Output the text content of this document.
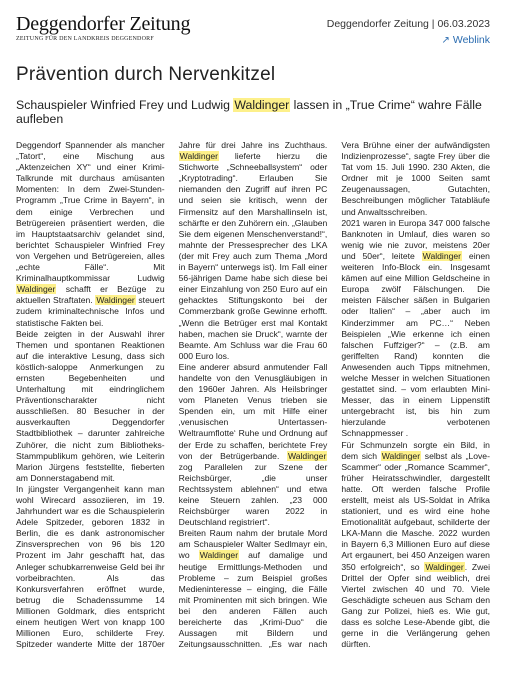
Deggendorfer Zeitung
ZEITUNG FÜR DEN LANDKREIS DEGGENDORF
Deggendorfer Zeitung | 06.03.2023
↗ Weblink
Prävention durch Nervenkitzel
Schauspieler Winfried Frey und Ludwig Waldinger lassen in „True Crime“ wahre Fälle aufleben

Deggendorf Spannender als mancher „Tatort“, eine Mischung aus „Aktenzeichen XY“ und einer Krimi-Talkrunde mit durchaus amüsanten Momenten: In dem Zwei-Stunden-Programm „True Crime in Bayern“, in dem einige Verbrechen und Betrügereien präsentiert werden, die im Hauptstaatsarchiv gelandet sind, berichtet Schauspieler Winfried Frey von Vergehen und Betrügereien, alles „echte Fälle“. Mit Kriminalhauptkommissar Ludwig Waldinger schafft er Bezüge zu aktuellen Straftaten. Waldinger steuert zudem kriminaltechnische Infos und statistische Fakten bei.

Beide zeigten in der Auswahl ihrer Themen und spontanen Reaktionen auf die interaktive Lesung, dass sich köstlich-saloppe Anmerkungen zu ernsten Begebenheiten und Unterhaltung mit eindringlichem Präventionscharakter nicht ausschließen. 80 Besucher in der ausverkauften Deggendorfer Stadtbibliothek – darunter zahlreiche Zuhörer, die nicht zum Bibliotheks-Stammpublikum gehören, wie Leiterin Marion Jürgens feststellte, fieberten am Donnerstagabend mit.

In jüngster Vergangenheit kann man wohl Wirecard assoziieren, im 19. Jahrhundert war es die Schauspielerin Adele Spitzeder, geboren 1832 in Berlin, die es dank astronomischer Zinsversprechen von 96 bis 120 Prozent im Jahr geschafft hat, das Anleger schubkarrenweise Geld bei ihr vorbeibrachten. Als das Konkursverfahren eröffnet wurde, betrug die Schadenssumme 14 Millionen Goldmark, dies entspricht einem heutigen Wert von knapp 100 Millionen Euro, schilderte Frey. Spitzeder wanderte Mitte der 1870er Jahre für drei Jahre ins Zuchthaus. Waldinger lieferte hierzu die Stichworte „Schneeballsystem“ oder „Kryptotrading“. Erlauben Sie niemanden den Zugriff auf ihren PC und seien sie kritisch, wenn der Firmensitz auf den Marshallinseln ist, schärfte er den Zuhörern ein. „Glauben Sie dem eigenen Menschenverstand!“, mahnte der Pressesprecher des LKA (der mit Frey auch zum Thema „Mord in Bayern“ unterwegs ist). Im Fall einer 56-jährigen Dame habe sich diese bei einer Einzahlung von 250 Euro auf ein gehacktes Stiftungskonto bei der Commerzbank große Gewinne erhofft. „Wenn die Betrüger erst mal Kontakt haben, machen sie Druck“, warnte der Beamte. Am Schluss war die Frau 60 000 Euro los.

Eine anderer absurd anmutender Fall handelte von den Venusgläubigen in den 1960er Jahren. Als Heilsbringer vom Planeten Venus trieben sie Spenden ein, um mit Hilfe einer ‚venusischen Untertassen-Weltraumflotte‘ Ruhe und Ordnung auf der Erde zu schaffen, berichtete Frey von der Betrügerbande. Waldinger zog Parallelen zur Szene der Reichsbürger, „die unser Rechtssystem ablehnen“ und etwa keine Steuern zahlen. „23 000 Reichsbürger waren 2022 in Deutschland registriert“.

Breiten Raum nahm der brutale Mord am Schauspieler Walter Sedlmayr ein, wo Waldinger auf damalige und heutige Ermittlungs-Methoden und Probleme – zum Beispiel großes Medieninteresse – einging, die Fälle mit Prominenten mit sich bringen. Wie bei den anderen Fällen auch bereicherte das „Krimi-Duo“ die Aussagen mit Bildern und Zeitungsausschnitten. „Es war nach Vera Brühne einer der aufwändigsten Indizienprozesse“, sagte Frey über die Tat vom 15. Juli 1990. 230 Akten, die Ordner mit je 1000 Seiten samt Zeugenaussagen, Gutachten, Beschreibungen möglicher Tatabläufe und Anwaltsschreiben.

2021 waren in Europa 347 000 falsche Banknoten in Umlauf, dies waren so wenig wie nie zuvor, meistens 20er und 50er“, leitete Waldinger einen weiteren Info-Block ein. Insgesamt kämen auf eine Million Geldscheine in Europa zwölf Fälschungen. Die meisten Fälscher säßen in Bulgarien oder Italien“ – „aber auch im Kinderzimmer am PC…“ Neben Beispielen „Wie erkenne ich einen falschen Fuffziger?“ – (z.B. am geriffelten Rand) konnten die Anwesenden auch Tipps mitnehmen, welche Messer in welchen Situationen gestattet sind. – vom erlaubten Mini-Messer, das in einem Lippenstift untergebracht ist, bis hin zum hierzulande verbotenen Schnappmesser .

Für Schmunzeln sorgte ein Bild, in dem sich Waldinger selbst als „Love-Scammer“ oder „Romance Scammer“, früher Heiratsschwindler, dargestellt hatte. Oft werden falsche Profile erstellt, meist als US-Soldat in Afrika stationiert, und es wird eine hohe Emotionalität aufgebaut, schilderte der LKA-Mann die Masche. 2022 wurden in Bayern 6,3 Millionen Euro auf diese Art ergaunert, bei 450 Anzeigen waren 350 erfolgreich“, so Waldinger. Zwei Drittel der Opfer sind weiblich, drei Viertel zwischen 40 und 70. Viele Geschädigte scheuen aus Scham den Gang zur Polizei, hieß es. Wie gut, dass es solche Lese-Abende gibt, die gerne in die Verlängerung gehen dürften.
